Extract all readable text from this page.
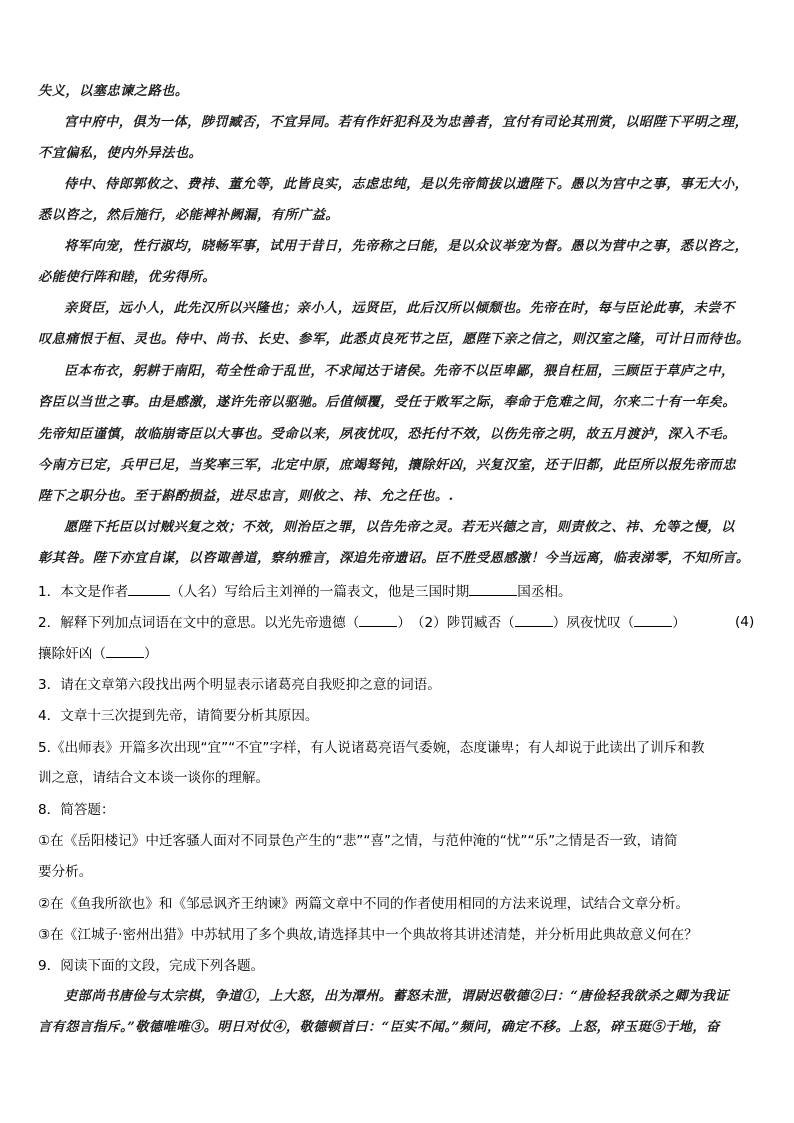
失义，以塞忠谏之路也。
宫中府中，俱为一体，陟罚臧否，不宜异同。若有作奸犯科及为忠善者，宜付有司论其刑赏，以昭陛下平明之理，
不宜偏私，使内外异法也。
侍中、侍郎郭攸之、费祎、董允等，此皆良实，志虑忠纯，是以先帝简拔以遗陛下。愚以为宫中之事，事无大小，
悉以咨之，然后施行，必能裨补阙漏，有所广益。
将军向宠，性行淑均，晓畅军事，试用于昔日，先帝称之曰能，是以众议举宠为督。愚以为营中之事，悉以咨之，
必能使行阵和睦，优劣得所。
亲贤臣，远小人，此先汉所以兴隆也；亲小人，远贤臣，此后汉所以倾颓也。先帝在时，每与臣论此事，未尝不
叹息痛恨于桓、灵也。侍中、尚书、长史、参军，此悉贞良死节之臣，愿陛下亲之信之，则汉室之隆，可计日而待也。
臣本布衣，躬耕于南阳，苟全性命于乱世，不求闻达于诸侯。先帝不以臣卑鄙，猥自枉屈，三顾臣于草庐之中，
咨臣以当世之事。由是感激，遂许先帝以驱驰。后值倾覆，受任于败军之际，奉命于危难之间，尔来二十有一年矣。
先帝知臣谨慎，故临崩寄臣以大事也。受命以来，夙夜忧叹，恐托付不效，以伤先帝之明，故五月渡泸，深入不毛。
今南方已定，兵甲已足，当奖率三军，北定中原，庶竭驽钝，攘除奸凶，兴复汉室，还于旧都，此臣所以报先帝而忠
陛下之职分也。至于斟酌损益，进尽忠言，则攸之、祎、允之任也。.
愿陛下托臣以讨贼兴复之效；不效，则治臣之罪，以告先帝之灵。若无兴德之言，则责攸之、祎、允等之慢，以
彰其咎。陛下亦宜自谋，以咨诹善道，察纳雅言，深追先帝遗诏。臣不胜受恩感激！今当远离，临表涕零，不知所言。
1．本文是作者	（人名）写给后主刘禅的一篇表文，他是三国时期	国丞相。
2．解释下列加点词语在文中的意思。以光先帝遗德（	）　（2）陟罚臧否（	）夙夜忧叹（	）	(4)
攘除奸凶（	）
3．请在文章第六段找出两个明显表示诸葛亮自我贬抑之意的词语。
4．文章十三次提到先帝，请简要分析其原因。
5.《出师表》开篇多次出现“宜”“不宜”字样，有人说诸葛亮语气委婉，态度谦卑；有人却说于此读出了训斥和教
训之意，请结合文本谈一谈你的理解。
8．简答题：
①在《岳阳楼记》中迁客骚人面对不同景色产生的“悲”“喜”之情，与范仲淹的“忧”“乐”之情是否一致，请简
要分析。
②在《鱼我所欲也》和《邹忌讽齐王纳谏》两篇文章中不同的作者使用相同的方法来说理，试结合文章分析。
③在《江城子·密州出猎》中苏轼用了多个典故,请选择其中一个典故将其讲述清楚，并分析用此典故意义何在？
9．阅读下面的文段，完成下列各题。
吏部尚书唐俭与太宗棋，争道①，上大怒，出为潭州。蓄怒未泄，谓尉迟敬德②曰：“唐俭轻我欲杀之卿为我证
言有怨言指斥。”敬德唯唯③。明日对仗④，敬德顿首曰：“臣实不闻。”频问，确定不移。上怒，碎玉珽⑤于地，奋
